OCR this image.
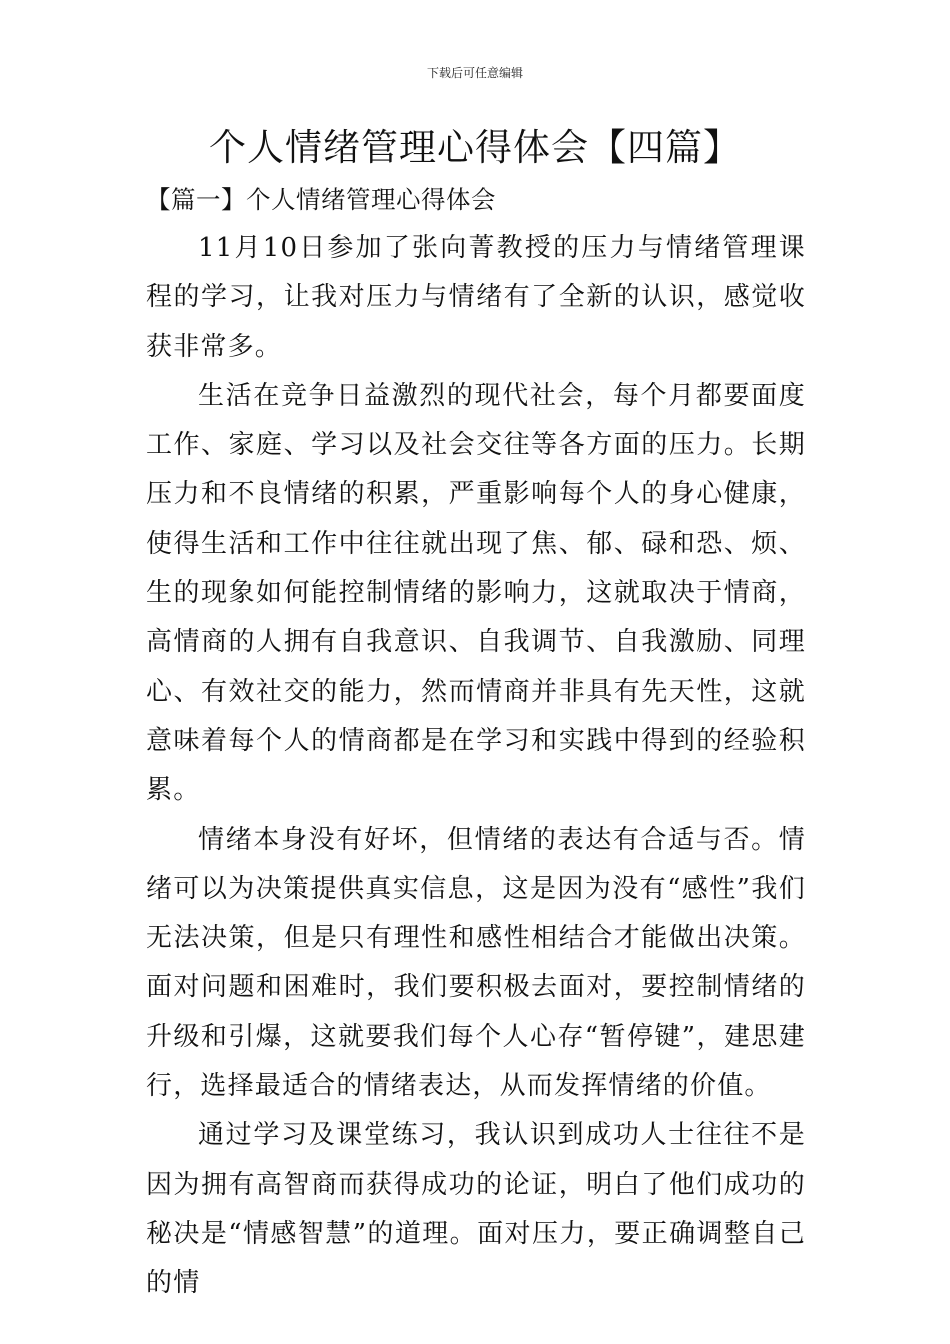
下载后可任意编辑
个人情绪管理心得体会【四篇】
【篇一】个人情绪管理心得体会

11月10日参加了张向菁教授的压力与情绪管理课程的学习，让我对压力与情绪有了全新的认识，感觉收获非常多。

生活在竞争日益激烈的现代社会，每个月都要面度工作、家庭、学习以及社会交往等各方面的压力。长期压力和不良情绪的积累，严重影响每个人的身心健康，使得生活和工作中往往就出现了焦、郁、碌和恐、烦、生的现象如何能控制情绪的影响力，这就取决于情商，高情商的人拥有自我意识、自我调节、自我激励、同理心、有效社交的能力，然而情商并非具有先天性，这就意味着每个人的情商都是在学习和实践中得到的经验积累。

情绪本身没有好坏，但情绪的表达有合适与否。情绪可以为决策提供真实信息，这是因为没有“感性”我们无法决策，但是只有理性和感性相结合才能做出决策。面对问题和困难时，我们要积极去面对，要控制情绪的升级和引爆，这就要我们每个人心存“暂停键”，建思建行，选择最适合的情绪表达，从而发挥情绪的价值。

通过学习及课堂练习，我认识到成功人士往往不是因为拥有高智商而获得成功的论证，明白了他们成功的秘决是“情感智慧”的道理。面对压力，要正确调整自己的情
